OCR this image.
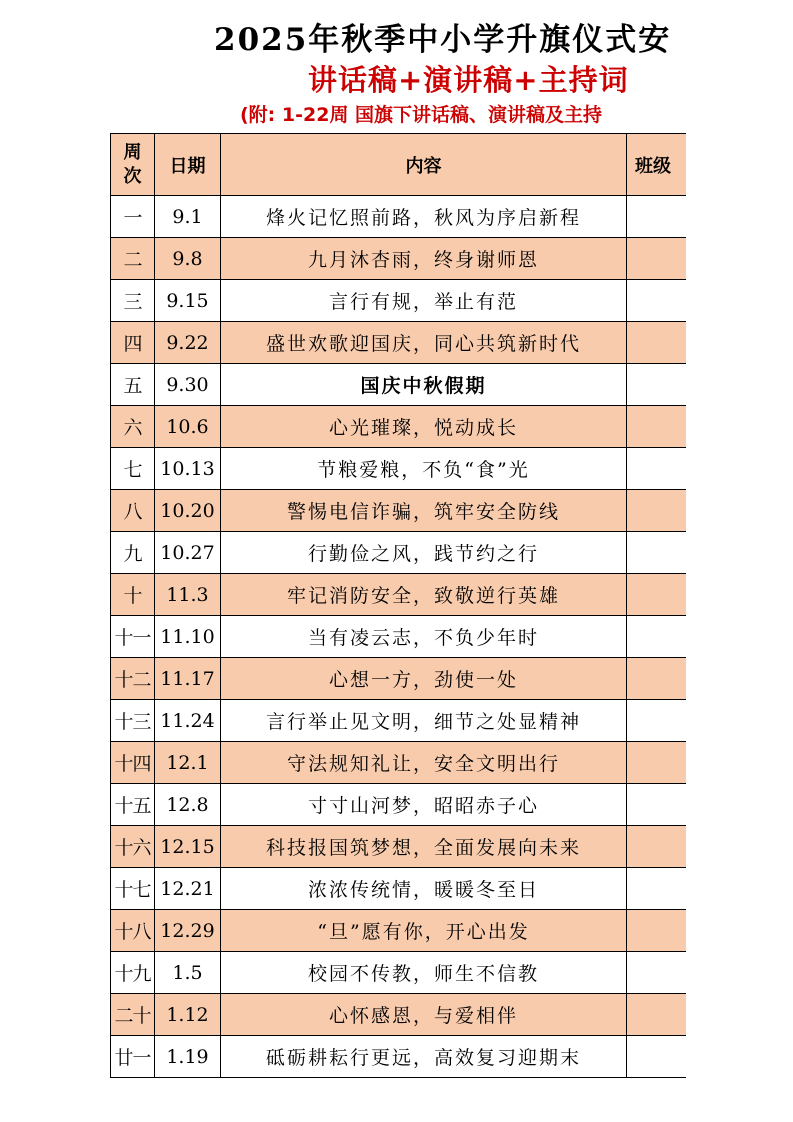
2025年秋季中小学升旗仪式安
讲话稿+演讲稿+主持词
(附: 1-22周 国旗下讲话稿、演讲稿及主持
周次	日期	内容	班级
一	9.1	烽火记忆照前路，秋风为序启新程	
二	9.8	九月沐杏雨，终身谢师恩	
三	9.15	言行有规，举止有范	
四	9.22	盛世欢歌迎国庆，同心共筑新时代	
五	9.30	国庆中秋假期	
六	10.6	心光璀璨，悦动成长	
七	10.13	节粮爱粮，不负“食”光	
八	10.20	警惕电信诈骗，筑牢安全防线	
九	10.27	行勤俭之风，践节约之行	
十	11.3	牢记消防安全，致敬逆行英雄	
十一	11.10	当有凌云志，不负少年时	
十二	11.17	心想一方，劲使一处	
十三	11.24	言行举止见文明，细节之处显精神	
十四	12.1	守法规知礼让，安全文明出行	
十五	12.8	寸寸山河梦，昭昭赤子心	
十六	12.15	科技报国筑梦想，全面发展向未来	
十七	12.21	浓浓传统情，暖暖冬至日	
十八	12.29	“旦”愿有你，开心出发	
十九	1.5	校园不传教，师生不信教	
二十	1.12	心怀感恩，与爱相伴	
廿一	1.19	砥砺耕耘行更远，高效复习迎期末	
